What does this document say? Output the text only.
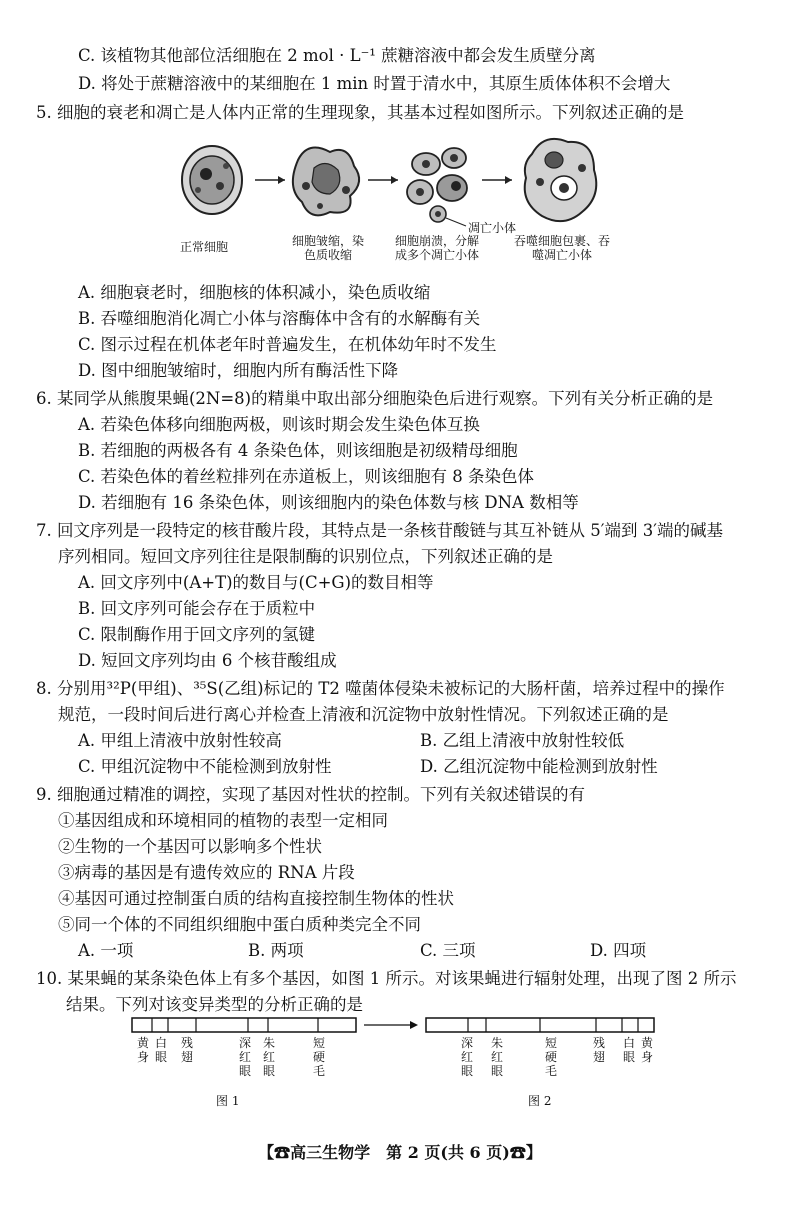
C. 该植物其他部位活细胞在 2 mol · L⁻¹ 蔗糖溶液中都会发生质壁分离
D. 将处于蔗糖溶液中的某细胞在 1 min 时置于清水中，其原生质体体积不会增大
5. 细胞的衰老和凋亡是人体内正常的生理现象，其基本过程如图所示。下列叙述正确的是
凋亡小体
正常细胞	细胞皱缩，染色质收缩
细胞崩溃，分解成多个凋亡小体
吞噬细胞包裹、吞噬凋亡小体
A. 细胞衰老时，细胞核的体积减小，染色质收缩
B. 吞噬细胞消化凋亡小体与溶酶体中含有的水解酶有关
C. 图示过程在机体老年时普遍发生，在机体幼年时不发生
D. 图中细胞皱缩时，细胞内所有酶活性下降
6. 某同学从熊腹果蝇(2N=8)的精巢中取出部分细胞染色后进行观察。下列有关分析正确的是
A. 若染色体移向细胞两极，则该时期会发生染色体互换
B. 若细胞的两极各有 4 条染色体，则该细胞是初级精母细胞
C. 若染色体的着丝粒排列在赤道板上，则该细胞有 8 条染色体
D. 若细胞有 16 条染色体，则该细胞内的染色体数与核 DNA 数相等
7. 回文序列是一段特定的核苷酸片段，其特点是一条核苷酸链与其互补链从 5′端到 3′端的碱基
序列相同。短回文序列往往是限制酶的识别位点，下列叙述正确的是
A. 回文序列中(A+T)的数目与(C+G)的数目相等
B. 回文序列可能会存在于质粒中
C. 限制酶作用于回文序列的氢键
D. 短回文序列均由 6 个核苷酸组成
8. 分别用³²P(甲组)、³⁵S(乙组)标记的 T2 噬菌体侵染未被标记的大肠杆菌，培养过程中的操作
规范，一段时间后进行离心并检查上清液和沉淀物中放射性情况。下列叙述正确的是
A. 甲组上清液中放射性较高	B. 乙组上清液中放射性较低
C. 甲组沉淀物中不能检测到放射性	D. 乙组沉淀物中能检测到放射性
9. 细胞通过精准的调控，实现了基因对性状的控制。下列有关叙述错误的有
①基因组成和环境相同的植物的表型一定相同
②生物的一个基因可以影响多个性状
③病毒的基因是有遗传效应的 RNA 片段
④基因可通过控制蛋白质的结构直接控制生物体的性状
⑤同一个体的不同组织细胞中蛋白质种类完全不同
A. 一项	B. 两项	C. 三项	D. 四项
10. 某果蝇的某条染色体上有多个基因，如图 1 所示。对该果蝇进行辐射处理，出现了图 2 所示
结果。下列对该变异类型的分析正确的是
黄身
白眼
残翅
深红眼
朱红眼
短硬毛
图 1
深红眼
朱红眼
短硬毛
残翅
白眼
黄身
图 2
【☎高三生物学　第 2 页(共 6 页)☎】
